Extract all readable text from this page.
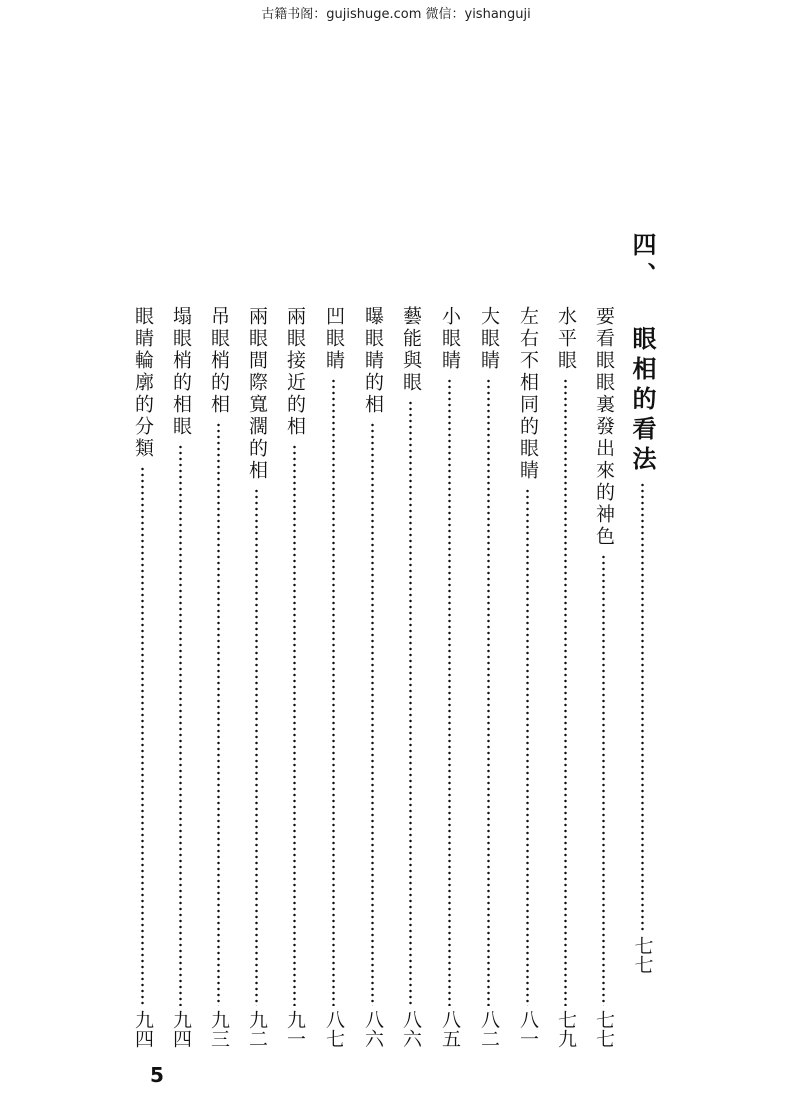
古籍书阁：gujishuge.com 微信：yishanguji
四、 眼相的看法
七七
要看眼眼裏發出來的神色
七七
水平眼
七九
左右不相同的眼睛
八一
大眼睛
八二
小眼睛
八五
藝能與眼
八六
曝眼睛的相
八六
凹眼睛
八七
兩眼接近的相
九一
兩眼間際寬濶的相
九二
吊眼梢的相
九三
塌眼梢的相眼
九四
眼睛輪廓的分類
九四
5
